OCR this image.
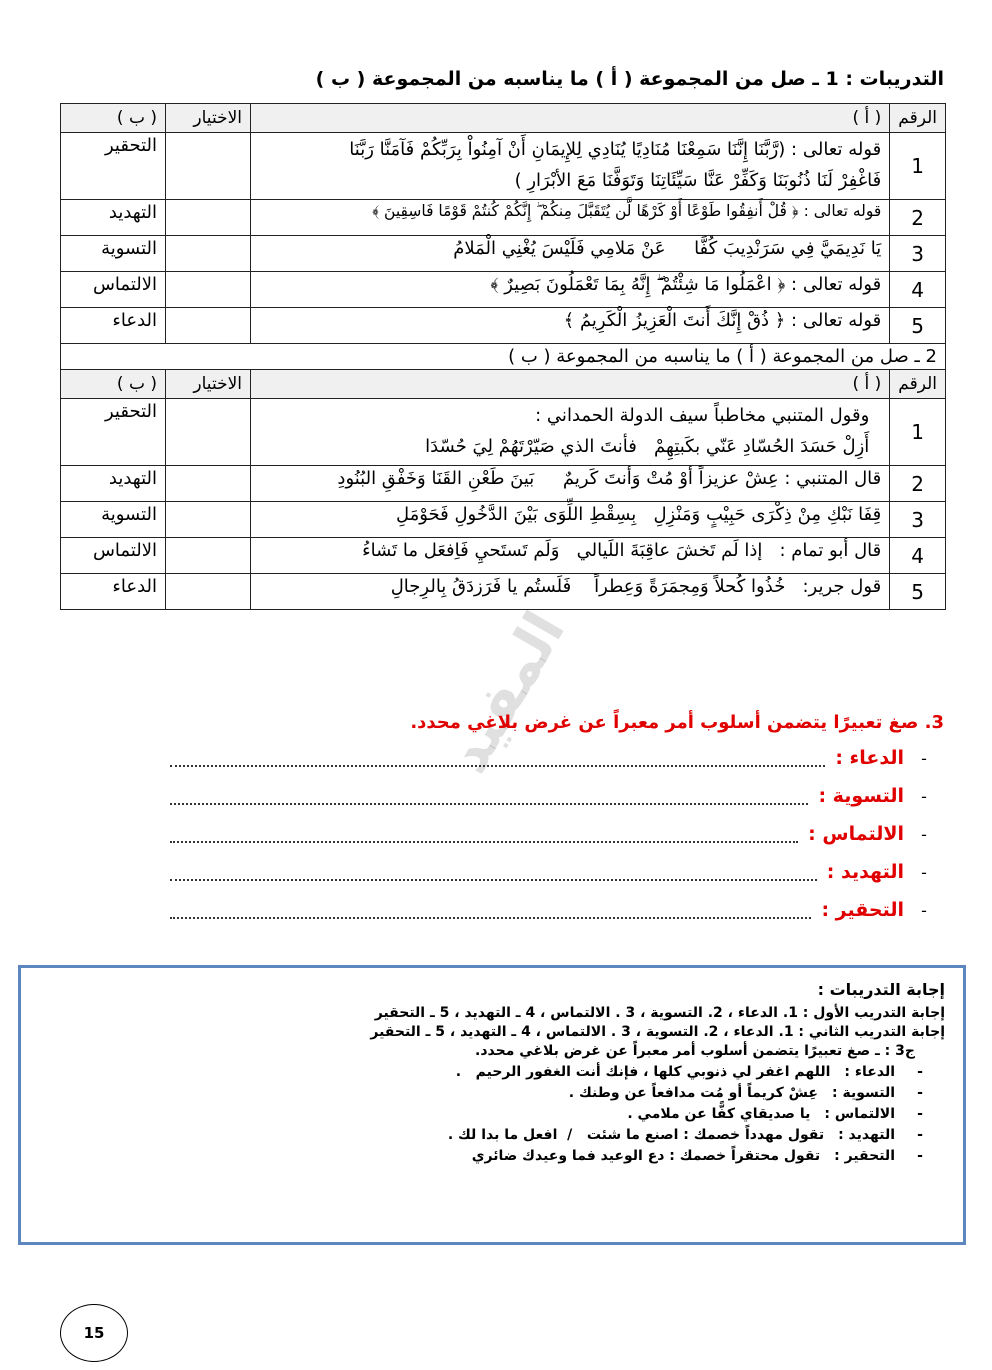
التدريبات : 1 ـ صل من المجموعة ( أ ) ما يناسبه من المجموعة ( ب )
الرقم	( أ )	الاختيار	( ب )
1	قوله تعالى : (رَّبَّنَا إِنَّنَا سَمِعْنَا مُنَادِيًا يُنَادِي لِلإِيمَانِ أَنْ آمِنُواْ بِرَبِّكُمْ فَآمَنَّا رَبَّنَا
فَاغْفِرْ لَنَا ذُنُوبَنَا وَكَفِّرْ عَنَّا سَيِّئَاتِنَا وَتَوَفَّنَا مَعَ الأبْرَارِ )		التحقير
2	قوله تعالى : ﴿ قُلْ أَنفِقُوا طَوْعًا أَوْ كَرْهًا لَّن يُتَقَبَّلَ مِنكُمْ ۖ إِنَّكُمْ كُنتُمْ قَوْمًا فَاسِقِينَ ﴾		التهديد
3	يَا نَدِيمَيَّ فِي سَرَنْدِيبَ كُفَّا     عَنْ مَلامِي فَلَيْسَ يُغْنِي الْمَلامُ		التسوية
4	قوله تعالى : ﴿ اعْمَلُوا مَا شِئْتُمْ ۖ إِنَّهُ بِمَا تَعْمَلُونَ بَصِيرٌ ﴾		الالتماس
5	قوله تعالى : ﴿ ذُقْ إِنَّكَ أَنتَ الْعَزِيزُ الْكَرِيمُ ﴾		الدعاء
2 ـ صل من المجموعة ( أ ) ما يناسبه من المجموعة ( ب )			
الرقم	( أ )	الاختيار	( ب )
1	وقول المتنبي مخاطباً سيف الدولة الحمداني :
أَزِلْ حَسَدَ الحُسّادِ عَنّي بكَبتِهِمْ   فأنتَ الذي صَيّرْتَهُمْ لِيَ حُسّدَا		التحقير
2	قال المتنبي : عِشْ عزيزاً أوْ مُتْ وَأنتَ كَريمٌ     بَينَ طَعْنِ القَنَا وَخَفْقِ البُنُودِ		التهديد
3	قِفَا نَبْكِ مِنْ ذِكْرَى حَبِيْبٍ وَمَنْزِلِ   بِسِقْطِ اللِّوَى بَيْنَ الدَّخُولِ فَحَوْمَلِ		التسوية
4	قال أبو تمام :   إذا لَم تَخشَ عاقِبَةَ اللَيالي   وَلَم تَستَحيِ فَاِفعَل ما تَشاءُ		الالتماس
5	قول جرير:   خُذُوا كُحلاً وَمِجمَرَةً وَعِطراً    فَلَستُم يا فَرَزدَقُ بِالرِجالِ		الدعاء
المفيد
3. صغ تعبيرًا يتضمن أسلوب أمر معبراً عن غرض بلاغي محدد.
-
الدعاء :
-
التسوية :
-
الالتماس :
-
التهديد :
-
التحقير :
إجابة التدريبات :
إجابة التدريب الأول : 1. الدعاء ، 2. التسوية ، 3 . الالتماس ، 4 ـ التهديد ، 5 ـ التحقير
إجابة التدريب الثاني : 1. الدعاء ، 2. التسوية ، 3 . الالتماس ، 4 ـ التهديد ، 5 ـ التحقير
ج3 : ـ صغ تعبيرًا يتضمن أسلوب أمر معبراً عن غرض بلاغي محدد.
-
الدعاء :
اللهم اغفر لي ذنوبي كلها ، فإنك أنت الغفور الرحيم   .
-
التسوية :
عِشْ كريماً أو مُت مدافعاً عن وطنك .
-
الالتماس :
يا صديقاي كفًّا عن ملامي .
-
التهديد :
تقول مهدداً خصمك : اصنع ما شئت   /  افعل ما بدا لك .
-
التحقير :
تقول محتقراً خصمك : دع الوعيد فما وعيدك ضائري
15
